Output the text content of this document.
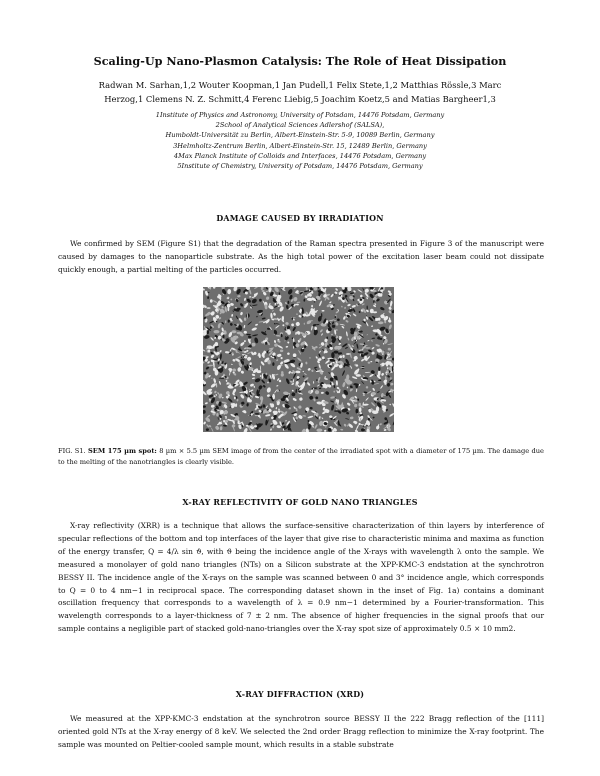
Scaling-Up Nano-Plasmon Catalysis: The Role of Heat Dissipation
Radwan M. Sarhan,1,2 Wouter Koopman,1 Jan Pudell,1 Felix Stete,1,2 Matthias Rössle,3 Marc
Herzog,1 Clemens N. Z. Schmitt,4 Ferenc Liebig,5 Joachim Koetz,5 and Matias Bargheer1,3
1Institute of Physics and Astronomy, University of Potsdam, 14476 Potsdam, Germany
2School of Analytical Sciences Adlershof (SALSA),
Humboldt-Universität zu Berlin, Albert-Einstein-Str. 5-9, 10089 Berlin, Germany
3Helmholtz-Zentrum Berlin, Albert-Einstein-Str. 15, 12489 Berlin, Germany
4Max Planck Institute of Colloids and Interfaces, 14476 Potsdam, Germany
5Institute of Chemistry, University of Potsdam, 14476 Potsdam, Germany
DAMAGE CAUSED BY IRRADIATION

We confirmed by SEM (Figure S1) that the degradation of the Raman spectra presented in Figure 3 of the manuscript were caused by damages to the nanoparticle substrate. As the high total power of the excitation laser beam could not dissipate quickly enough, a partial melting of the particles occurred.

FIG. S1. SEM 175 µm spot: 8 µm × 5.5 µm SEM image of from the center of the irradiated spot with a diameter of 175 µm. The damage due to the melting of the nanotriangles is clearly visible.
X-RAY REFLECTIVITY OF GOLD NANO TRIANGLES

X-ray reflectivity (XRR) is a technique that allows the surface-sensitive characterization of thin layers by interference of specular reflections of the bottom and top interfaces of the layer that give rise to characteristic minima and maxima as function of the energy transfer, Q = 4/λ sin ϑ, with ϑ being the incidence angle of the X-rays with wavelength λ onto the sample. We measured a monolayer of gold nano triangles (NTs) on a Silicon substrate at the XPP-KMC-3 endstation at the synchrotron BESSY II. The incidence angle of the X-rays on the sample was scanned between 0 and 3° incidence angle, which corresponds to Q = 0 to 4 nm−1 in reciprocal space. The corresponding dataset shown in the inset of Fig. 1a) contains a dominant oscillation frequency that corresponds to a wavelength of λ = 0.9 nm−1 determined by a Fourier-transformation. This wavelength corresponds to a layer-thickness of 7 ± 2 nm. The absence of higher frequencies in the signal proofs that our sample contains a negligible part of stacked gold-nano-triangles over the X-ray spot size of approximately 0.5 × 10 mm2.

X-RAY DIFFRACTION (XRD)

We measured at the XPP-KMC-3 endstation at the synchrotron source BESSY II the 222 Bragg reflection of the [111] oriented gold NTs at the X-ray energy of 8 keV. We selected the 2nd order Bragg reflection to minimize the X-ray footprint. The sample was mounted on Peltier-cooled sample mount, which results in a stable substrate
